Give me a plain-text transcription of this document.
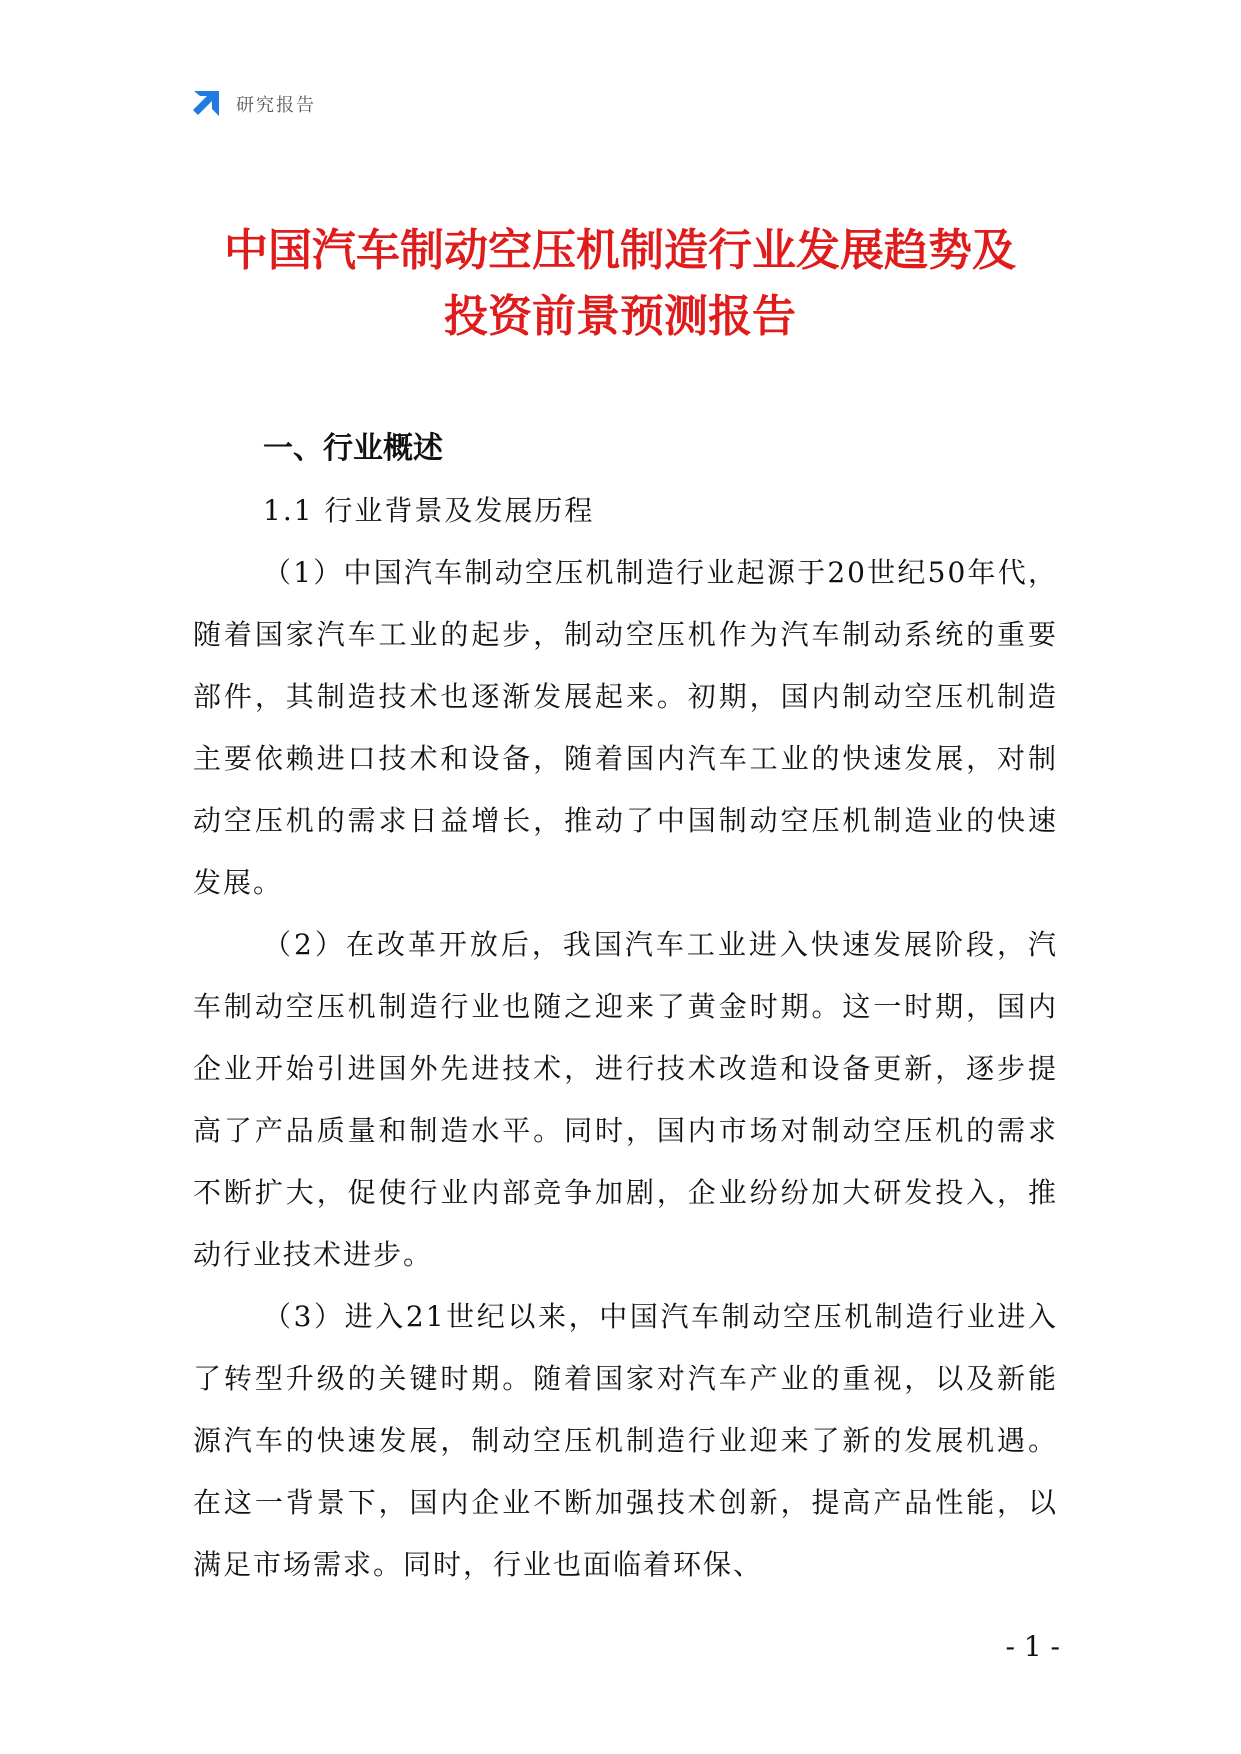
研究报告
中国汽车制动空压机制造行业发展趋势及
投资前景预测报告
一、行业概述
1.1 行业背景及发展历程

（1）中国汽车制动空压机制造行业起源于20世纪50年代，随着国家汽车工业的起步，制动空压机作为汽车制动系统的重要部件，其制造技术也逐渐发展起来。初期，国内制动空压机制造主要依赖进口技术和设备，随着国内汽车工业的快速发展，对制动空压机的需求日益增长，推动了中国制动空压机制造业的快速发展。

（2）在改革开放后，我国汽车工业进入快速发展阶段，汽车制动空压机制造行业也随之迎来了黄金时期。这一时期，国内企业开始引进国外先进技术，进行技术改造和设备更新，逐步提高了产品质量和制造水平。同时，国内市场对制动空压机的需求不断扩大，促使行业内部竞争加剧，企业纷纷加大研发投入，推动行业技术进步。

（3）进入21世纪以来，中国汽车制动空压机制造行业进入了转型升级的关键时期。随着国家对汽车产业的重视，以及新能源汽车的快速发展，制动空压机制造行业迎来了新的发展机遇。在这一背景下，国内企业不断加强技术创新，提高产品性能，以满足市场需求。同时，行业也面临着环保、

- 1 -
